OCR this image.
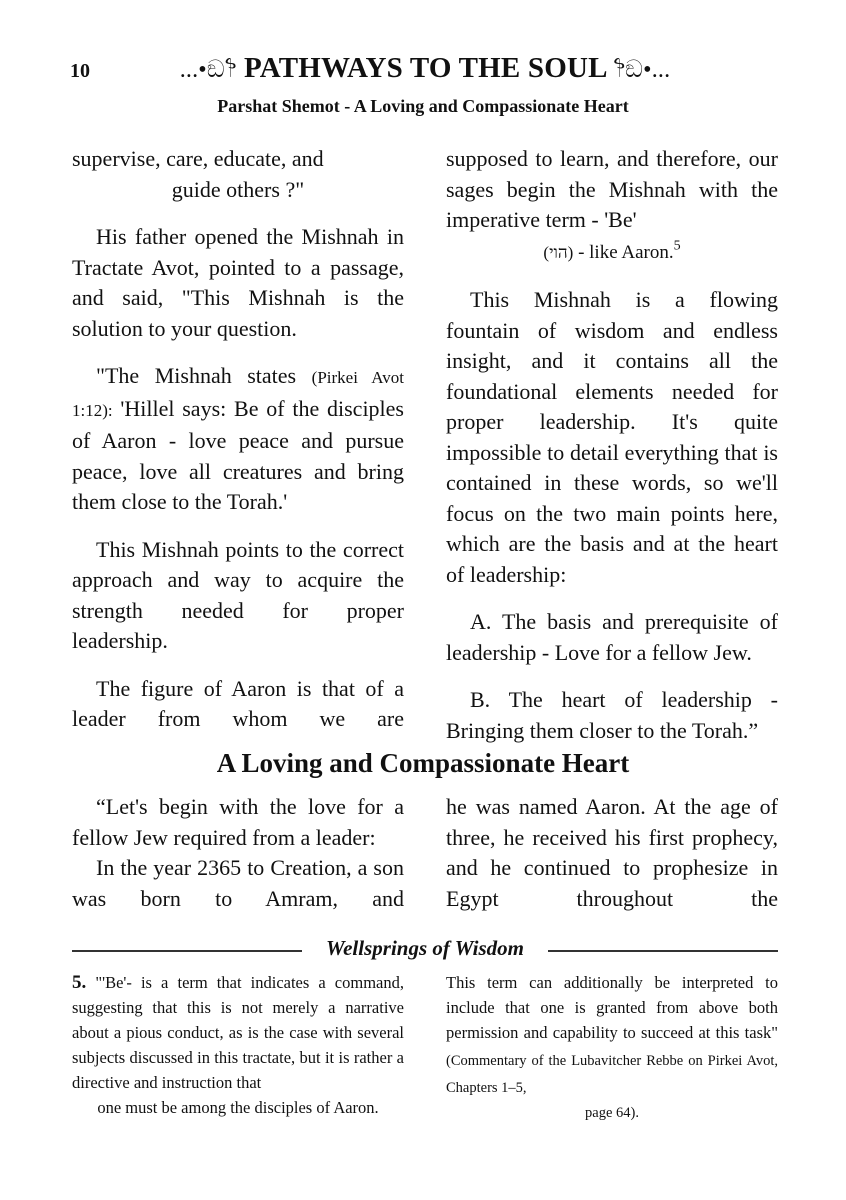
10	...•ඞ෦ PATHWAYS TO THE SOUL ෦ඞ•...
Parshat Shemot - A Loving and Compassionate Heart

supervise, care, educate, and

guide others ?"

His father opened the Mishnah in Tractate Avot, pointed to a passage, and said, "This Mishnah is the solution to your question.

"The Mishnah states (Pirkei Avot 1:12): 'Hillel says: Be of the disciples of Aaron - love peace and pursue peace, love all creatures and bring them close to the Torah.'

This Mishnah points to the correct approach and way to acquire the strength needed for proper leadership.

The figure of Aaron is that of a leader from whom we are

supposed to learn, and therefore, our sages begin the Mishnah with the imperative term - 'Be'

(הוי) - like Aaron.$^5$

This Mishnah is a flowing fountain of wisdom and endless insight, and it contains all the foundational elements needed for proper leadership. It's quite impossible to detail everything that is contained in these words, so we'll focus on the two main points here, which are the basis and at the heart of leadership:

A. The basis and prerequisite of leadership - Love for a fellow Jew.

B. The heart of leadership - Bringing them closer to the Torah.”

A Loving and Compassionate Heart

“Let's begin with the love for a fellow Jew required from a leader:

In the year 2365 to Creation, a son was born to Amram, and

he was named Aaron. At the age of three, he received his first prophecy, and he continued to prophesize in Egypt throughout the

Wellsprings of Wisdom

5. "'Be'- is a term that indicates a command, suggesting that this is not merely a narrative about a pious conduct, as is the case with several subjects discussed in this tractate, but it is rather a directive and instruction that

one must be among the disciples of Aaron.

This term can additionally be interpreted to include that one is granted from above both permission and capability to succeed at this task" (Commentary of the Lubavitcher Rebbe on Pirkei Avot, Chapters 1–5,

page 64).
